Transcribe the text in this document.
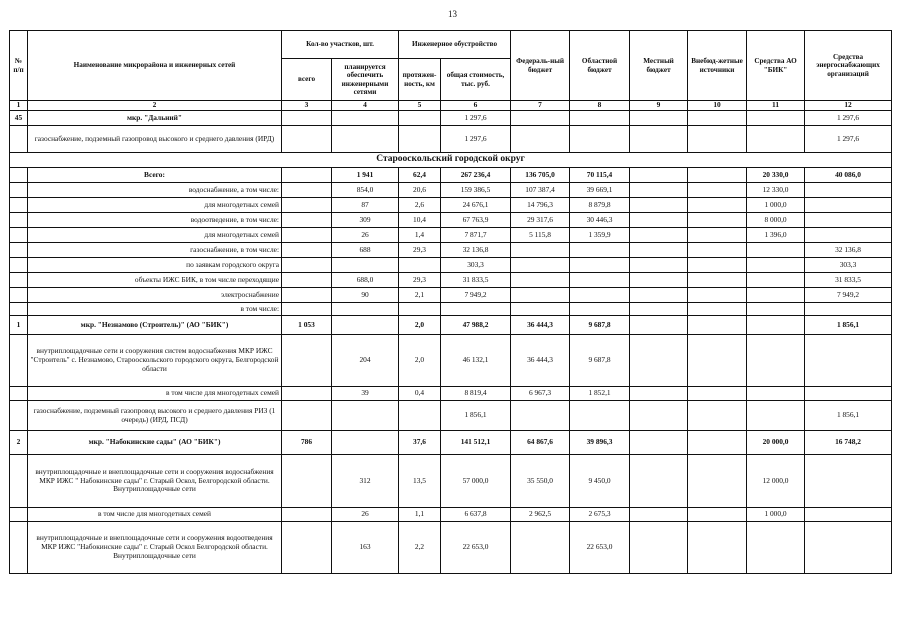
13
№ п/п	Наименование микрорайона и инженерных сетей	Кол-во участков, шт.		Инженерное обустройство		Федераль-ный бюджет	Областной бюджет	Местный бюджет	Внебюд-жетные источники	Средства АО "БИК"	Средства энергоснабжающих организаций
		всего	планируется обеспечить инженерными сетями	протяжен-ность, км	общая стоимость, тыс. руб.						
1	2	3	4	5	6	7	8	9	10	11	12
45	мкр. "Дальний"				1 297,6						1 297,6
	газоснабжение, подземный газопровод высокого и среднего давления (ИРД)				1 297,6						1 297,6
Старооскольский городской округ											
	Всего:		1 941	62,4	267 236,4	136 705,0	70 115,4			20 330,0	40 086,0
	водоснабжение, а том числе:		854,0	20,6	159 386,5	107 387,4	39 669,1			12 330,0	
	для многодетных семей		87	2,6	24 676,1	14 796,3	8 879,8			1 000,0	
	водоотведение, в том числе:		309	10,4	67 763,9	29 317,6	30 446,3			8 000,0	
	для многодетных семей		26	1,4	7 871,7	5 115,8	1 359,9			1 396,0	
	газоснабжение, в том числе:		688	29,3	32 136,8						32 136,8
	по заявкам городского округа				303,3						303,3
	объекты ИЖС БИК, в том числе переходящие		688,0	29,3	31 833,5						31 833,5
	электроснабжение		90	2,1	7 949,2						7 949,2
	в том числе:										
1	мкр. "Незнамово (Строитель)" (АО "БИК")	1 053		2,0	47 988,2	36 444,3	9 687,8				1 856,1
	внутриплощадочные сети и сооружения систем водоснабжения МКР ИЖС "Строитель" с. Незнамово, Старооскольского городского округа, Белгородской области		204	2,0	46 132,1	36 444,3	9 687,8				
	в том числе для многодетных семей		39	0,4	8 819,4	6 967,3	1 852,1				
	газоснабжение, подземный газопровод высокого и среднего давления РИЗ (1 очередь) (ИРД, ПСД)				1 856,1						1 856,1
2	мкр. "Набокинские сады" (АО "БИК")	786		37,6	141 512,1	64 867,6	39 896,3			20 000,0	16 748,2
	внутриплощадочные и внеплощадочные сети и сооружения водоснабжения МКР ИЖС " Набокинские сады" г. Старый Оскол, Белгородской области. Внутриплощадочные сети		312	13,5	57 000,0	35 550,0	9 450,0			12 000,0	
	в том числе для многодетных семей		26	1,1	6 637,8	2 962,5	2 675,3			1 000,0	
	внутриплощадочные и внеплощадочные сети и сооружения водоотведения МКР ИЖС "Набокинские сады" г. Старый Оскол Белгородской области. Внутриплощадочные сети		163	2,2	22 653,0		22 653,0				
